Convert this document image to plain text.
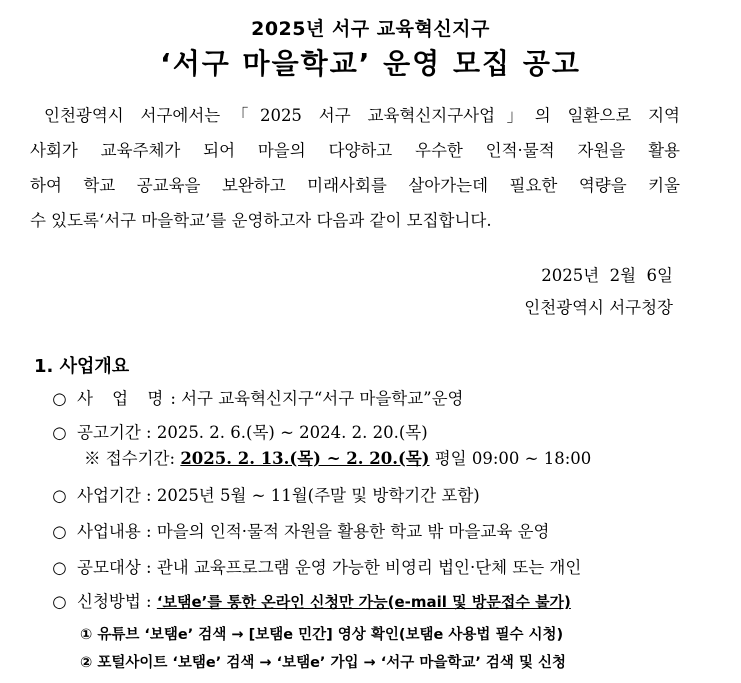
2025년 서구 교육혁신지구
‘서구 마을학교’ 운영 모집 공고
인천광역시 서구에서는「2025 서구 교육혁신지구사업」의 일환으로 지역
사회가 교육주체가 되어 마을의 다양하고 우수한 인적·물적 자원을 활용
하여 학교 공교육을 보완하고 미래사회를 살아가는데 필요한 역량을 키울
수 있도록‘서구 마을학교’를 운영하고자 다음과 같이 모집합니다.
2025년  2월  6일
인천광역시 서구청장
1. 사업개요
○ 사 업 명: 서구 교육혁신지구“서구 마을학교”운영
○ 공고기간 : 2025. 2. 6.(목) ~ 2024. 2. 20.(목)
※ 접수기간: 2025. 2. 13.(목) ~ 2. 20.(목) 평일 09:00 ~ 18:00
○ 사업기간 : 2025년 5월 ~ 11월(주말 및 방학기간 포함)
○ 사업내용 : 마을의 인적·물적 자원을 활용한 학교 밖 마을교육 운영
○ 공모대상 : 관내 교육프로그램 운영 가능한 비영리 법인·단체 또는 개인
○ 신청방법 : ‘보탬e’를 통한 온라인 신청만 가능(e-mail 및 방문접수 불가)
① 유튜브 ‘보탬e’ 검색 → [보탬e 민간] 영상 확인(보탬e 사용법 필수 시청)
② 포털사이트 ‘보탬e’ 검색 → ‘보탬e’ 가입 → ‘서구 마을학교’ 검색 및 신청
